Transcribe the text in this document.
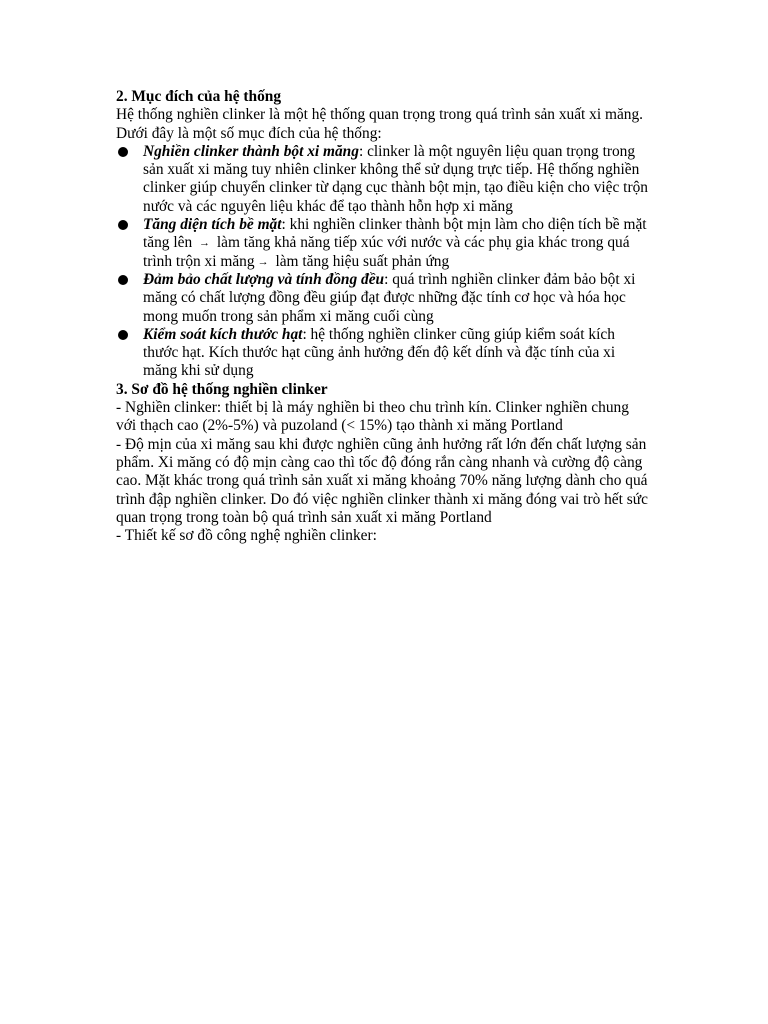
2. Mục đích của hệ thống

Hệ thống nghiền clinker là một hệ thống quan trọng trong quá trình sản xuất xi măng. Dưới đây là một số mục đích của hệ thống:

Nghiền clinker thành bột xi măng: clinker là một nguyên liệu quan trọng trong sản xuất xi măng tuy nhiên clinker không thể sử dụng trực tiếp. Hệ thống nghiền clinker giúp chuyển clinker từ dạng cục thành bột mịn, tạo điều kiện cho việc trộn nước và các nguyên liệu khác để tạo thành hỗn hợp xi măng
Tăng diện tích bề mặt: khi nghiền clinker thành bột mịn làm cho diện tích bề mặt tăng lên → làm tăng khả năng tiếp xúc với nước và các phụ gia khác trong quá trình trộn xi măng → làm tăng hiệu suất phản ứng
Đảm bảo chất lượng và tính đồng đều: quá trình nghiền clinker đảm bảo bột xi măng có chất lượng đồng đều giúp đạt được những đặc tính cơ học và hóa học mong muốn trong sản phẩm xi măng cuối cùng
Kiểm soát kích thước hạt: hệ thống nghiền clinker cũng giúp kiểm soát kích thước hạt. Kích thước hạt cũng ảnh hưởng đến độ kết dính và đặc tính của xi măng khi sử dụng

3. Sơ đồ hệ thống nghiền clinker

- Nghiền clinker: thiết bị là máy nghiền bi theo chu trình kín. Clinker nghiền chung với thạch cao (2%-5%) và puzoland (< 15%) tạo thành xi măng Portland

- Độ mịn của xi măng sau khi được nghiền cũng ảnh hưởng rất lớn đến chất lượng sản phẩm. Xi măng có độ mịn càng cao thì tốc độ đóng rắn càng nhanh và cường độ càng cao. Mặt khác trong quá trình sản xuất xi măng khoảng 70% năng lượng dành cho quá trình đập nghiền clinker. Do đó việc nghiền clinker thành xi măng đóng vai trò hết sức quan trọng trong toàn bộ quá trình sản xuất xi măng Portland

- Thiết kế sơ đồ công nghệ nghiền clinker:
